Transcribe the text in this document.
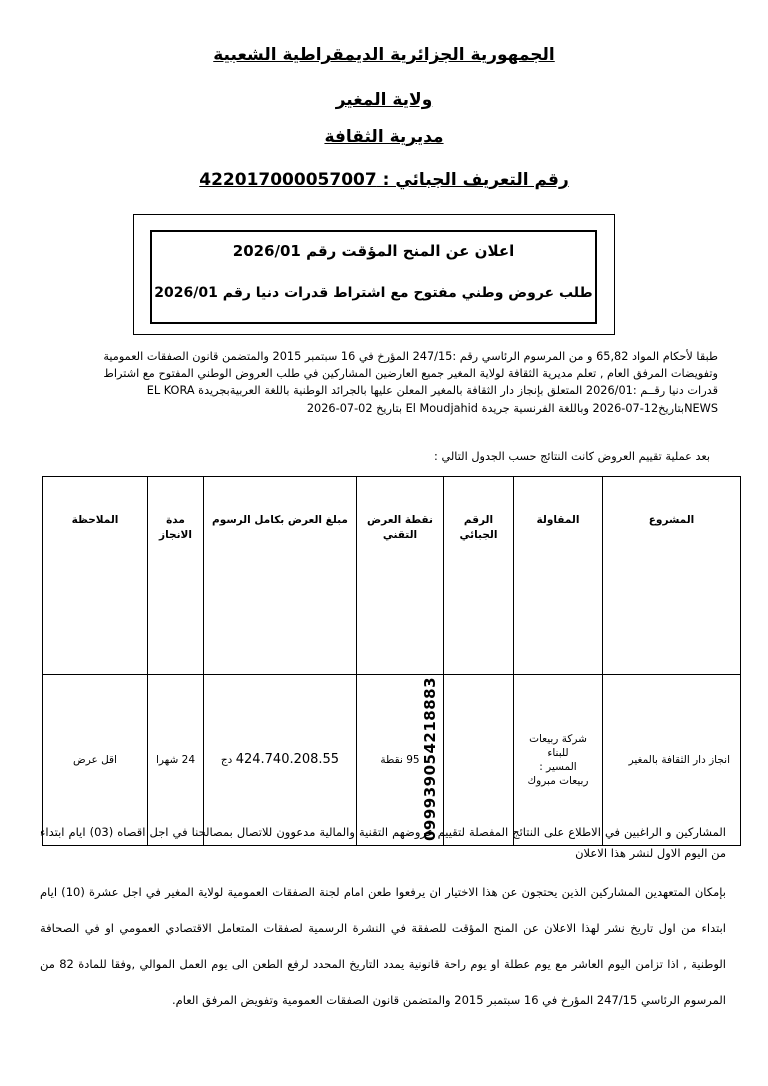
الجمهورية الجزائرية الديمقراطية الشعبية
ولاية المغير
مديرية الثقافة
رقم التعريف الجبائي : 422017000057007
اعلان عن المنح المؤقت رقم 2026/01
طلب عروض وطني مفتوح مع اشتراط قدرات دنيا رقم 2026/01

طبقا لأحكام المواد 65,82 و من المرسوم الرئاسي رقم :247/15 المؤرخ في 16 سبتمبر 2015 والمتضمن قانون الصفقات العمومية

وتفويضات المرفق العام , تعلم مديرية الثقافة لولاية المغير جميع العارضين المشاركين في طلب العروض الوطني المفتوح مع اشتراط

قدرات دنيا رقــم :2026/01 المتعلق بإنجاز دار الثقافة بالمغير المعلن عليها بالجرائد الوطنية باللغة العربيةبجريدة EL KORA

NEWSبتاريخ12-07-2026 وباللغة الفرنسية جريدة El Moudjahid بتاريخ 02-07-2026

بعد عملية تقييم العروض كانت النتائج حسب الجدول التالي :
المشروع	المقاولة	الرقم الجبائي	نقطة العرض التقني	مبلغ العرض بكامل الرسوم	مدة الانجاز	الملاحظة
انجاز دار الثقافة بالمغير	شركة ربيعات
للبناء
المسير :
ربيعات مبروك	099939054218883	95 نقطة	424.740.208.55 دج	24 شهرا	اقل عرض

المشاركين و الراغبين في الاطلاع على النتائج المفصلة لتقييم عروضهم التقنية والمالية مدعوون للاتصال بمصالحنا في اجل اقصاه (03) ايام ابتداء من اليوم الاول لنشر هذا الاعلان

بإمكان المتعهدين المشاركين الذين يحتجون عن هذا الاختيار ان يرفعوا طعن امام لجنة الصفقات العمومية لولاية المغير في اجل عشرة (10) ايام ابتداء من اول تاريخ نشر لهذا الاعلان عن المنح المؤقت للصفقة في النشرة الرسمية لصفقات المتعامل الاقتصادي العمومي او في الصحافة الوطنية , اذا تزامن اليوم العاشر مع يوم عطلة او يوم راحة قانونية يمدد التاريخ المحدد لرفع الطعن الى يوم العمل الموالي ,وفقا للمادة 82 من المرسوم الرئاسي 247/15 المؤرخ في 16 سبتمبر 2015 والمتضمن قانون الصفقات العمومية وتفويض المرفق العام.
